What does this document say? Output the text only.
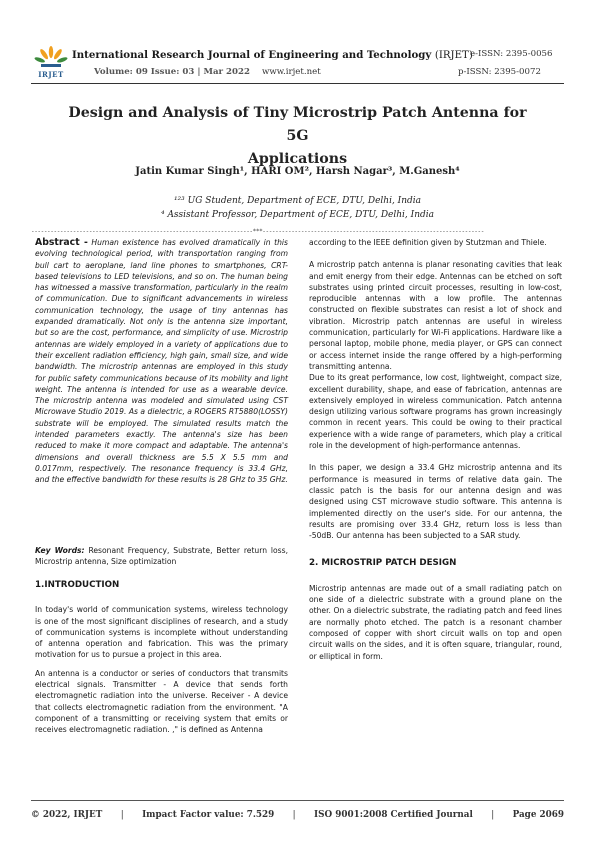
IRJET
International Research Journal of Engineering and Technology (IRJET)
e-ISSN: 2395-0056
Volume: 09 Issue: 03 | Mar 2022 www.irjet.net	p-ISSN: 2395-0072
Design and Analysis of Tiny Microstrip Patch Antenna for 5G
Applications
Jatin Kumar Singh¹, HARI OM², Harsh Nagar³, M.Ganesh⁴
¹²³ UG Student, Department of ECE, DTU, Delhi, India
⁴ Assistant Professor, Department of ECE, DTU, Delhi, India
---------------------------------------------------------------------***---------------------------------------------------------------------
Abstract - Human existence has evolved dramatically in this evolving technological period, with transportation ranging from bull cart to aeroplane, land line phones to smartphones, CRT-based televisions to LED televisions, and so on. The human being has witnessed a massive transformation, particularly in the realm of communication. Due to significant advancements in wireless communication technology, the usage of tiny antennas has expanded dramatically. Not only is the antenna size important, but so are the cost, performance, and simplicity of use. Microstrip antennas are widely employed in a variety of applications due to their excellent radiation efficiency, high gain, small size, and wide bandwidth. The microstrip antennas are employed in this study for public safety communications because of its mobility and light weight. The antenna is intended for use as a wearable device. The microstrip antenna was modeled and simulated using CST Microwave Studio 2019. As a dielectric, a ROGERS RT5880(LOSSY) substrate will be employed. The simulated results match the intended parameters exactly. The antenna's size has been reduced to make it more compact and adaptable. The antenna's dimensions and overall thickness are 5.5 X 5.5 mm and 0.017mm, respectively. The resonance frequency is 33.4 GHz, and the effective bandwidth for these results is 28 GHz to 35 GHz.
Key Words: Resonant Frequency, Substrate, Better return loss, Microstrip antenna, Size optimization
1.INTRODUCTION

In today's world of communication systems, wireless technology is one of the most significant disciplines of research, and a study of communication systems is incomplete without understanding of antenna operation and fabrication. This was the primary motivation for us to pursue a project in this area.

An antenna is a conductor or series of conductors that transmits electrical signals. Transmitter - A device that sends forth electromagnetic radiation into the universe. Receiver - A device that collects electromagnetic radiation from the environment. "A component of a transmitting or receiving system that emits or receives electromagnetic radiation. ," is defined as Antenna

according to the IEEE definition given by Stutzman and Thiele.

A microstrip patch antenna is planar resonating cavities that leak and emit energy from their edge. Antennas can be etched on soft substrates using printed circuit processes, resulting in low-cost, reproducible antennas with a low profile. The antennas constructed on flexible substrates can resist a lot of shock and vibration. Microstrip patch antennas are useful in wireless communication, particularly for Wi-Fi applications. Hardware like a personal laptop, mobile phone, media player, or GPS can connect or access internet inside the range offered by a high-performing transmitting antenna.

Due to its great performance, low cost, lightweight, compact size, excellent durability, shape, and ease of fabrication, antennas are extensively employed in wireless communication. Patch antenna design utilizing various software programs has grown increasingly common in recent years. This could be owing to their practical experience with a wide range of parameters, which play a critical role in the development of high-performance antennas.

In this paper, we design a 33.4 GHz microstrip antenna and its performance is measured in terms of relative data gain. The classic patch is the basis for our antenna design and was designed using CST microwave studio software. This antenna is implemented directly on the user's side. For our antenna, the results are promising over 33.4 GHz, return loss is less than -50dB. Our antenna has been subjected to a SAR study.

2. MICROSTRIP PATCH DESIGN

Microstrip antennas are made out of a small radiating patch on one side of a dielectric substrate with a ground plane on the other. On a dielectric substrate, the radiating patch and feed lines are normally photo etched. The patch is a resonant chamber composed of copper with short circuit walls on top and open circuit walls on the sides, and it is often square, triangular, round, or elliptical in form.

© 2022, IRJET | Impact Factor value: 7.529 | ISO 9001:2008 Certified Journal | Page 2069
